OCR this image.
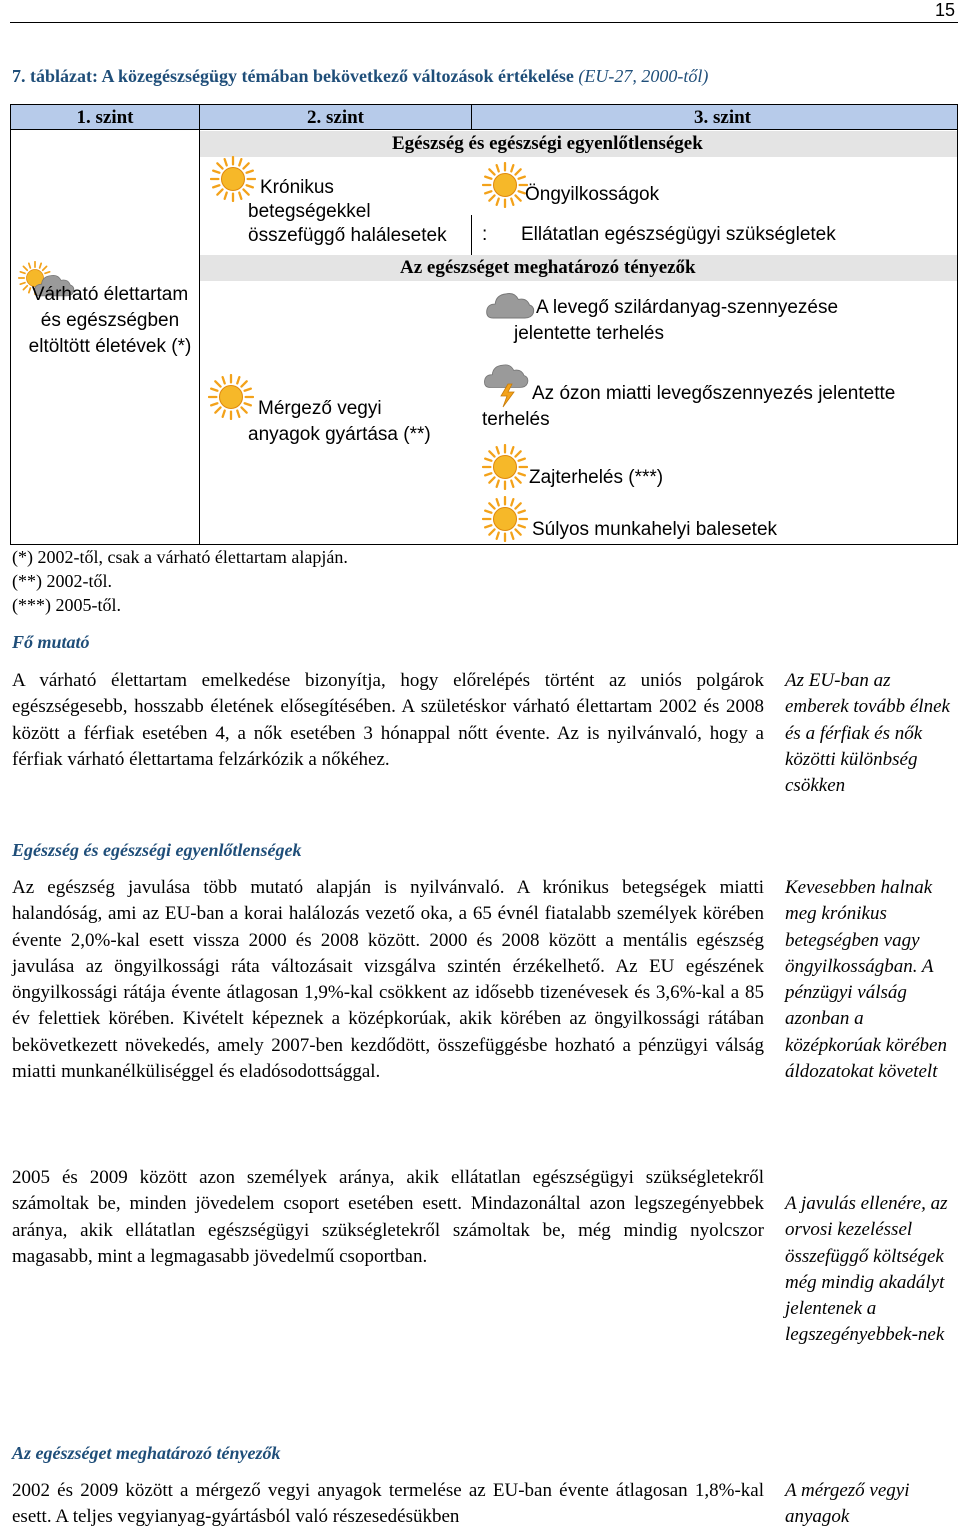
15
7. táblázat: A közegészségügy témában bekövetkező változások értékelése (EU-27, 2000-től)
1. szint	2. szint	3. szint
Egészség és egészségi egyenlőtlenségek
Várható élettartam és egészségben eltöltött életévek (*)
Krónikus
betegségekkel
összefüggő halálesetek
Öngyilkosságok
: Ellátatlan egészségügyi szükségletek
Az egészséget meghatározó tényezők
Mérgező vegyi
anyagok gyártása (**)
A levegő szilárdanyag-szennyezése
jelentette terhelés
Az ózon miatti levegőszennyezés jelentette
terhelés
Zajterhelés (***)
Súlyos munkahelyi balesetek
(*) 2002-től, csak a várható élettartam alapján.
(**) 2002-től.
(***) 2005-től.
Fő mutató
A várható élettartam emelkedése bizonyítja, hogy előrelépés történt az uniós polgárok egészségesebb, hosszabb életének elősegítésében. A születéskor várható élettartam 2002 és 2008 között a férfiak esetében 4, a nők esetében 3 hónappal nőtt évente. Az is nyilvánvaló, hogy a férfiak várható élettartama felzárkózik a nőkéhez.
Egészség és egészségi egyenlőtlenségek
Az egészség javulása több mutató alapján is nyilvánvaló. A krónikus betegségek miatti halandóság, ami az EU-ban a korai halálozás vezető oka, a 65 évnél fiatalabb személyek körében évente 2,0%-kal esett vissza 2000 és 2008 között. 2000 és 2008 között a mentális egészség javulása az öngyilkossági ráta változásait vizsgálva szintén érzékelhető. Az EU egészének öngyilkossági rátája évente átlagosan 1,9%-kal csökkent az idősebb tizenévesek és 3,6%-kal a 85 év felettiek körében. Kivételt képeznek a középkorúak, akik körében az öngyilkossági rátában bekövetkezett növekedés, amely 2007-ben kezdődött, összefüggésbe hozható a pénzügyi válság miatti munkanélküliséggel és eladósodottsággal.
2005 és 2009 között azon személyek aránya, akik ellátatlan egészségügyi szükségletekről számoltak be, minden jövedelem csoport esetében esett. Mindazonáltal azon legszegényebbek aránya, akik ellátatlan egészségügyi szükségletekről számoltak be, még mindig nyolcszor magasabb, mint a legmagasabb jövedelmű csoportban.
Az egészséget meghatározó tényezők
2002 és 2009 között a mérgező vegyi anyagok termelése az EU-ban évente átlagosan 1,8%-kal esett. A teljes vegyianyag-gyártásból való részesedésükben
Az EU-ban az emberek tovább élnek és a férfiak és nők közötti különbség csökken
Kevesebben halnak meg krónikus betegségben vagy öngyilkosságban. A pénzügyi válság azonban a középkorúak körében áldozatokat követelt
A javulás ellenére, az orvosi kezeléssel összefüggő költségek még mindig akadályt jelentenek a legszegényebbek-nek
A mérgező vegyi anyagok
